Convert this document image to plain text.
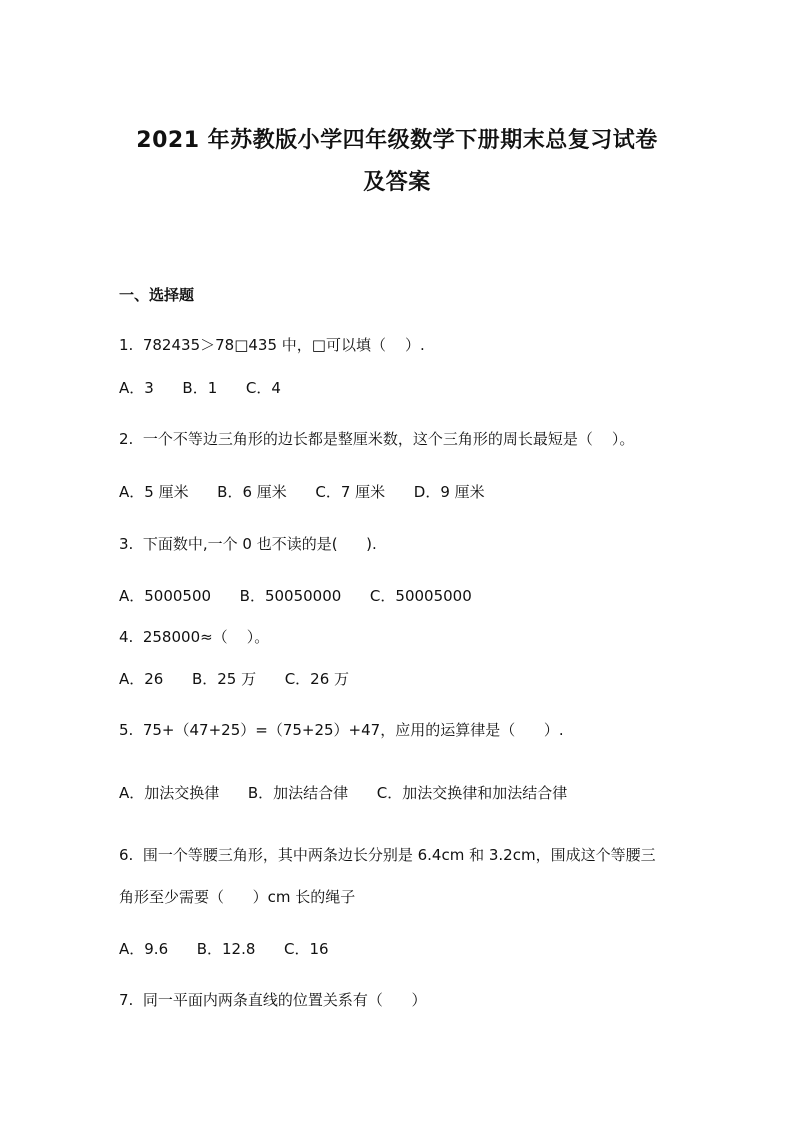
2021 年苏教版小学四年级数学下册期末总复习试卷
及答案
一、选择题
1.  782435＞78□435 中，□可以填（    ）.
A．3      B．1      C．4
2.  一个不等边三角形的边长都是整厘米数，这个三角形的周长最短是（    ）。
A．5 厘米      B．6 厘米      C．7 厘米      D．9 厘米
3.  下面数中,一个 0 也不读的是(      ).
A．5000500      B．50050000      C．50005000
4.  258000≈（    ）。
A．26      B．25 万      C．26 万
5.  75+（47+25）=（75+25）+47，应用的运算律是（      ）.
A．加法交换律      B．加法结合律      C．加法交换律和加法结合律
6.  围一个等腰三角形，其中两条边长分别是 6.4cm 和 3.2cm，围成这个等腰三
角形至少需要（      ）cm 长的绳子
A．9.6      B．12.8      C．16
7.  同一平面内两条直线的位置关系有（      ）
